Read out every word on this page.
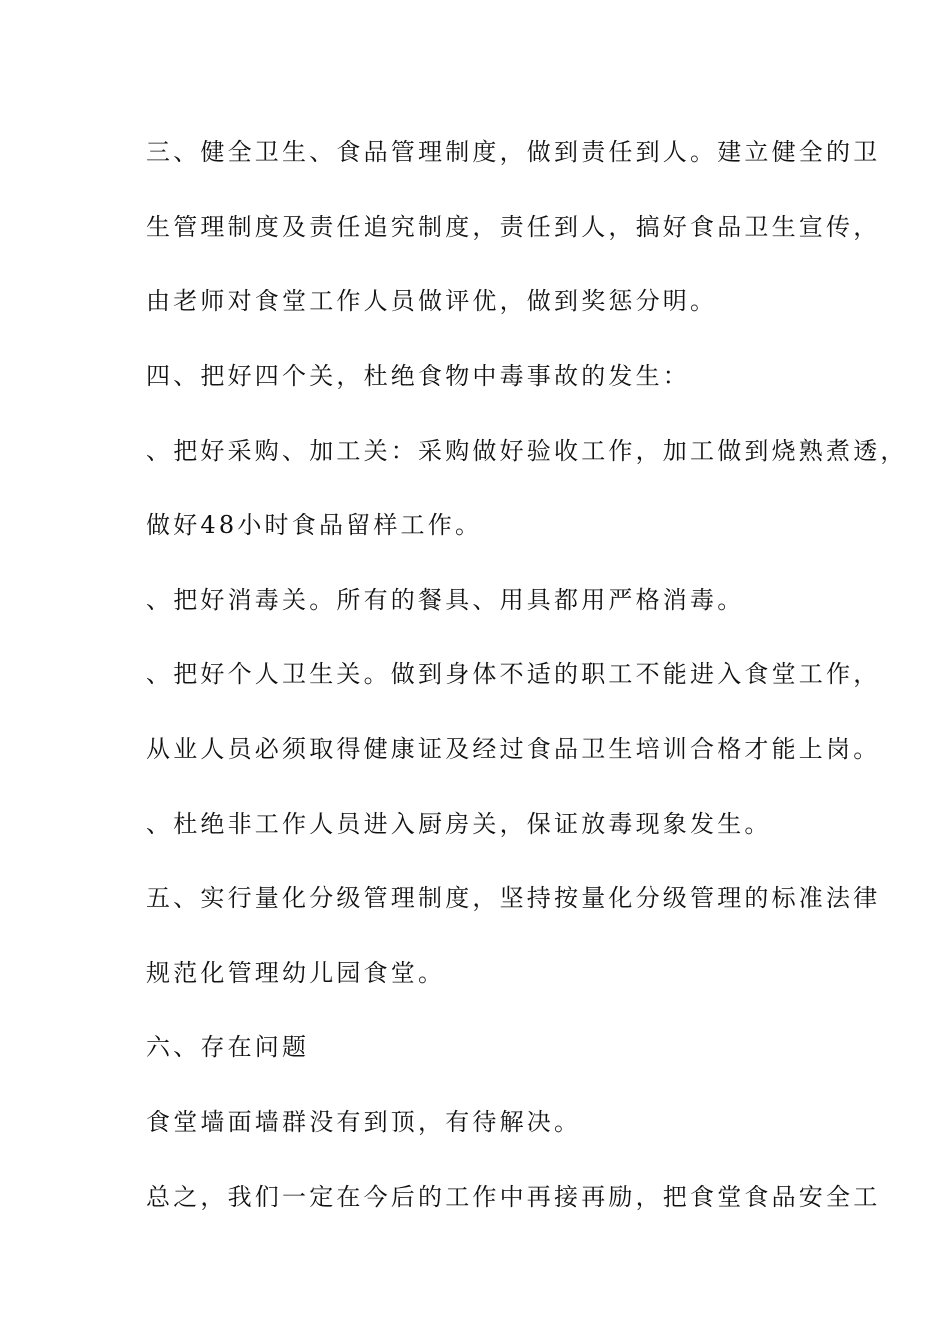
三、健全卫生、食品管理制度，做到责任到人。建立健全的卫
生管理制度及责任追究制度，责任到人，搞好食品卫生宣传，
由老师对食堂工作人员做评优，做到奖惩分明。
四、把好四个关，杜绝食物中毒事故的发生：
、把好采购、加工关：采购做好验收工作，加工做到烧熟煮透，
做好48小时食品留样工作。
、把好消毒关。所有的餐具、用具都用严格消毒。
、把好个人卫生关。做到身体不适的职工不能进入食堂工作，
从业人员必须取得健康证及经过食品卫生培训合格才能上岗。
、杜绝非工作人员进入厨房关，保证放毒现象发生。
五、实行量化分级管理制度，坚持按量化分级管理的标准法律
规范化管理幼儿园食堂。
六、存在问题
食堂墙面墙群没有到顶，有待解决。
总之，我们一定在今后的工作中再接再励，把食堂食品安全工
